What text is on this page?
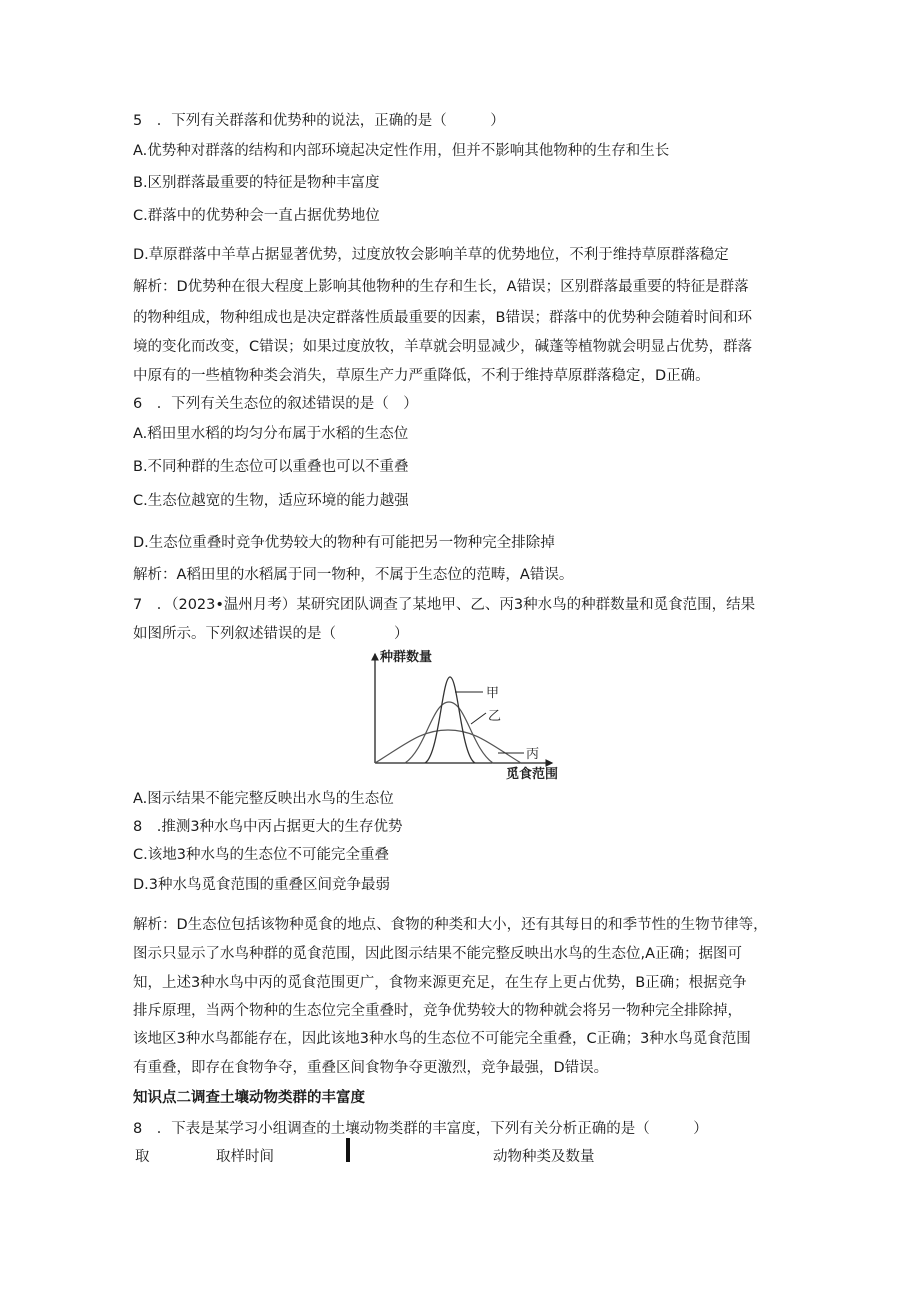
5　．下列有关群落和优势种的说法，正确的是（　　　）
A.优势种对群落的结构和内部环境起决定性作用，但并不影响其他物种的生存和生长
B.区别群落最重要的特征是物种丰富度
C.群落中的优势种会一直占据优势地位
D.草原群落中羊草占据显著优势，过度放牧会影响羊草的优势地位，不利于维持草原群落稳定
解析：D优势种在很大程度上影响其他物种的生存和生长，A错误；区别群落最重要的特征是群落
的物种组成，物种组成也是决定群落性质最重要的因素，B错误；群落中的优势种会随着时间和环
境的变化而改变，C错误；如果过度放牧，羊草就会明显减少，碱蓬等植物就会明显占优势，群落
中原有的一些植物种类会消失，草原生产力严重降低，不利于维持草原群落稳定，D正确。
6　．下列有关生态位的叙述错误的是（　）
A.稻田里水稻的均匀分布属于水稻的生态位
B.不同种群的生态位可以重叠也可以不重叠
C.生态位越宽的生物，适应环境的能力越强
D.生态位重叠时竞争优势较大的物种有可能把另一物种完全排除掉
解析：A稻田里的水稻属于同一物种，不属于生态位的范畴，A错误。
7　．（2023•温州月考）某研究团队调查了某地甲、乙、丙3种水鸟的种群数量和觅食范围，结果
如图所示。下列叙述错误的是（　　　　）
种群数量
甲
乙
丙
觅食范围
A.图示结果不能完整反映出水鸟的生态位
8　.推测3种水鸟中丙占据更大的生存优势
C.该地3种水鸟的生态位不可能完全重叠
D.3种水鸟觅食范围的重叠区间竞争最弱
解析：D生态位包括该物种觅食的地点、食物的种类和大小，还有其每日的和季节性的生物节律等，
图示只显示了水鸟种群的觅食范围，因此图示结果不能完整反映出水鸟的生态位,A正确；据图可
知，上述3种水鸟中丙的觅食范围更广，食物来源更充足，在生存上更占优势，B正确；根据竞争
排斥原理，当两个物种的生态位完全重叠时，竞争优势较大的物种就会将另一物种完全排除掉，
该地区3种水鸟都能存在，因此该地3种水鸟的生态位不可能完全重叠，C正确；3种水鸟觅食范围
有重叠，即存在食物争夺，重叠区间食物争夺更激烈，竞争最强，D错误。
知识点二调查土壤动物类群的丰富度
8　．下表是某学习小组调查的土壤动物类群的丰富度，下列有关分析正确的是（　　　）
取	取样时间	动物种类及数量
